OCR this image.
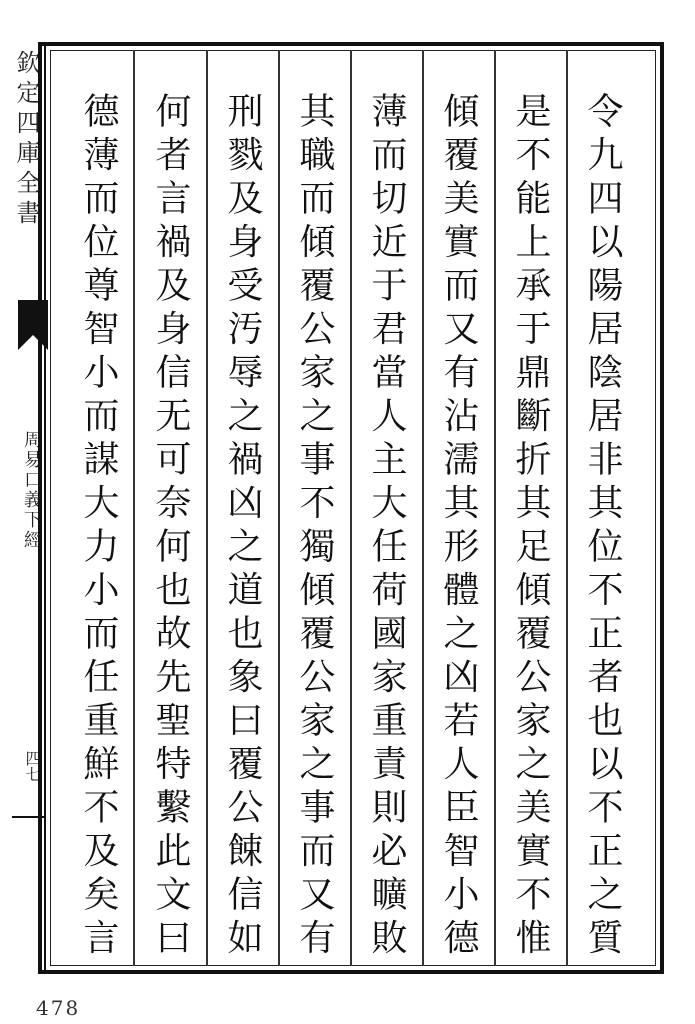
欽定四庫全書
周易口義下經
四七	令九四以陽居陰居非其位不正者也以不正之質
是不能上承于鼎斷折其足傾覆公家之美實不惟
傾覆美實而又有沾濡其形體之凶若人臣智小德
薄而切近于君當人主大任荷國家重責則必曠敗
其職而傾覆公家之事不獨傾覆公家之事而又有
刑戮及身受汚辱之禍凶之道也象曰覆公餗信如
何者言禍及身信无可奈何也故先聖特繫此文曰
德薄而位尊智小而謀大力小而任重鮮不及矣言
478
